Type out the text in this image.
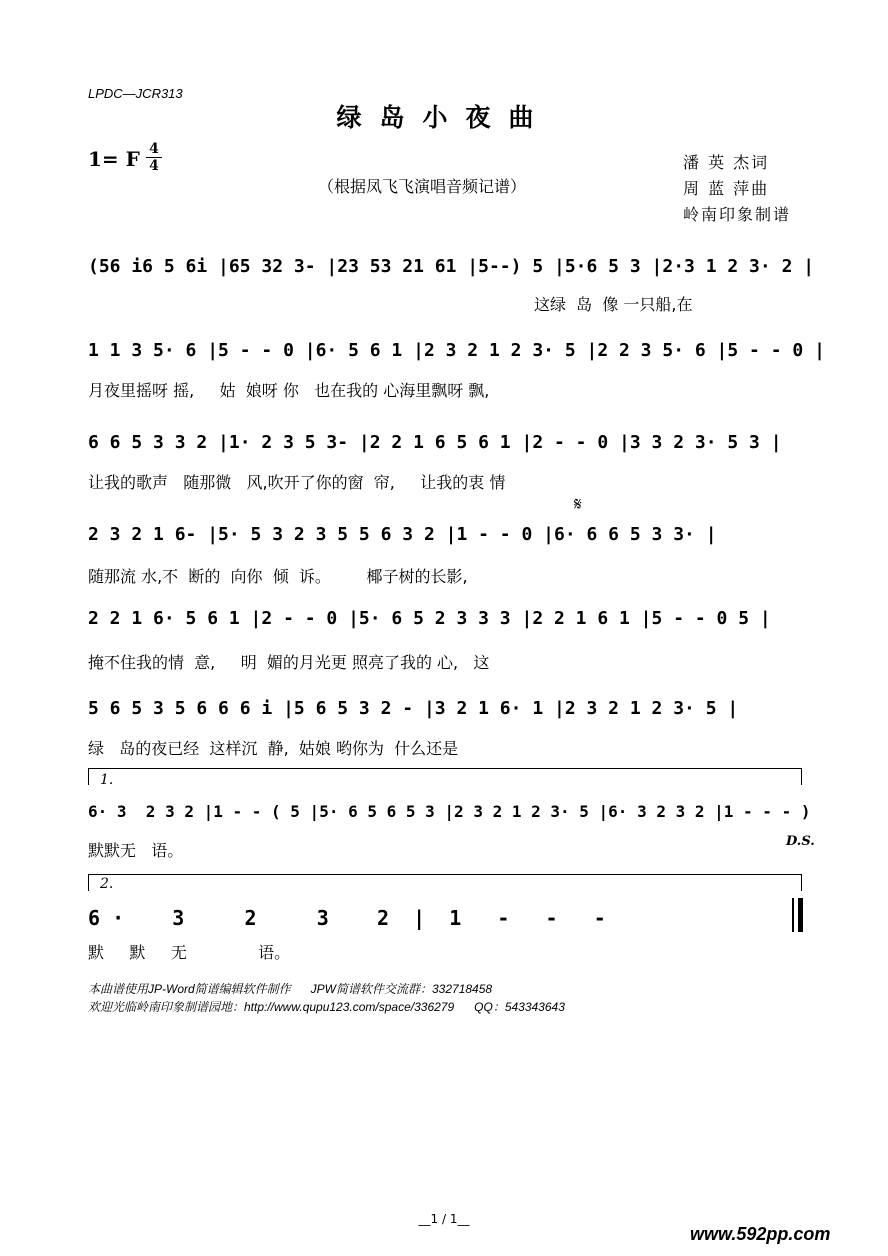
LPDC—JCR313
绿岛小夜曲
1= F 4
4
（根据凤飞飞演唱音频记谱）
潘 英 杰词
周 蓝 萍曲
岭南印象制谱
(56 i6 5 6i |65 32 3- |23 53 21 61 |5--) 5 |5·6 5 3 |2·3 1 2 3· 2 |
这绿  岛  像 一只船,在
1 1 3 5· 6 |5 - - 0 |6· 5 6 1 |2 3 2 1 2 3· 5 |2 2 3 5· 6 |5 - - 0 |
月夜里摇呀 摇,     姑  娘呀 你   也在我的 心海里飘呀 飘,
6 6 5 3 3 2 |1· 2 3 5 3- |2 2 1 6 5 6 1 |2 - - 0 |3 3 2 3· 5 3 |
让我的歌声   随那微   风,吹开了你的窗  帘,     让我的衷 情
𝄋
2 3 2 1 6- |5· 5 3 2 3 5 5 6 3 2 |1 - - 0 |6· 6 6 5 3 3· |
随那流 水,不  断的  向你  倾  诉。       椰子树的长影,
2 2 1 6· 5 6 1 |2 - - 0 |5· 6 5 2 3 3 3 |2 2 1 6 1 |5 - - 0 5 |
掩不住我的情  意,     明  媚的月光更 照亮了我的 心,   这
5 6 5 3 5 6 6 6 i |5 6 5 3 2 - |3 2 1 6· 1 |2 3 2 1 2 3· 5 |
绿   岛的夜已经  这样沉  静,  姑娘 哟你为  什么还是
1.
6· 3  2 3 2 |1 - - ( 5 |5· 6 5 6 5 3 |2 3 2 1 2 3· 5 |6· 3 2 3 2 |1 - - - )
默默无   语。	D.S.
2.
6 ·    3     2     3    2  |  1   -   -   -
默     默     无              语。
本曲谱使用JP-Word简谱编辑软件制作      JPW简谱软件交流群：332718458
欢迎光临岭南印象制谱园地：http://www.qupu123.com/space/336279      QQ：543343643
__1 / 1__
www.592pp.com
